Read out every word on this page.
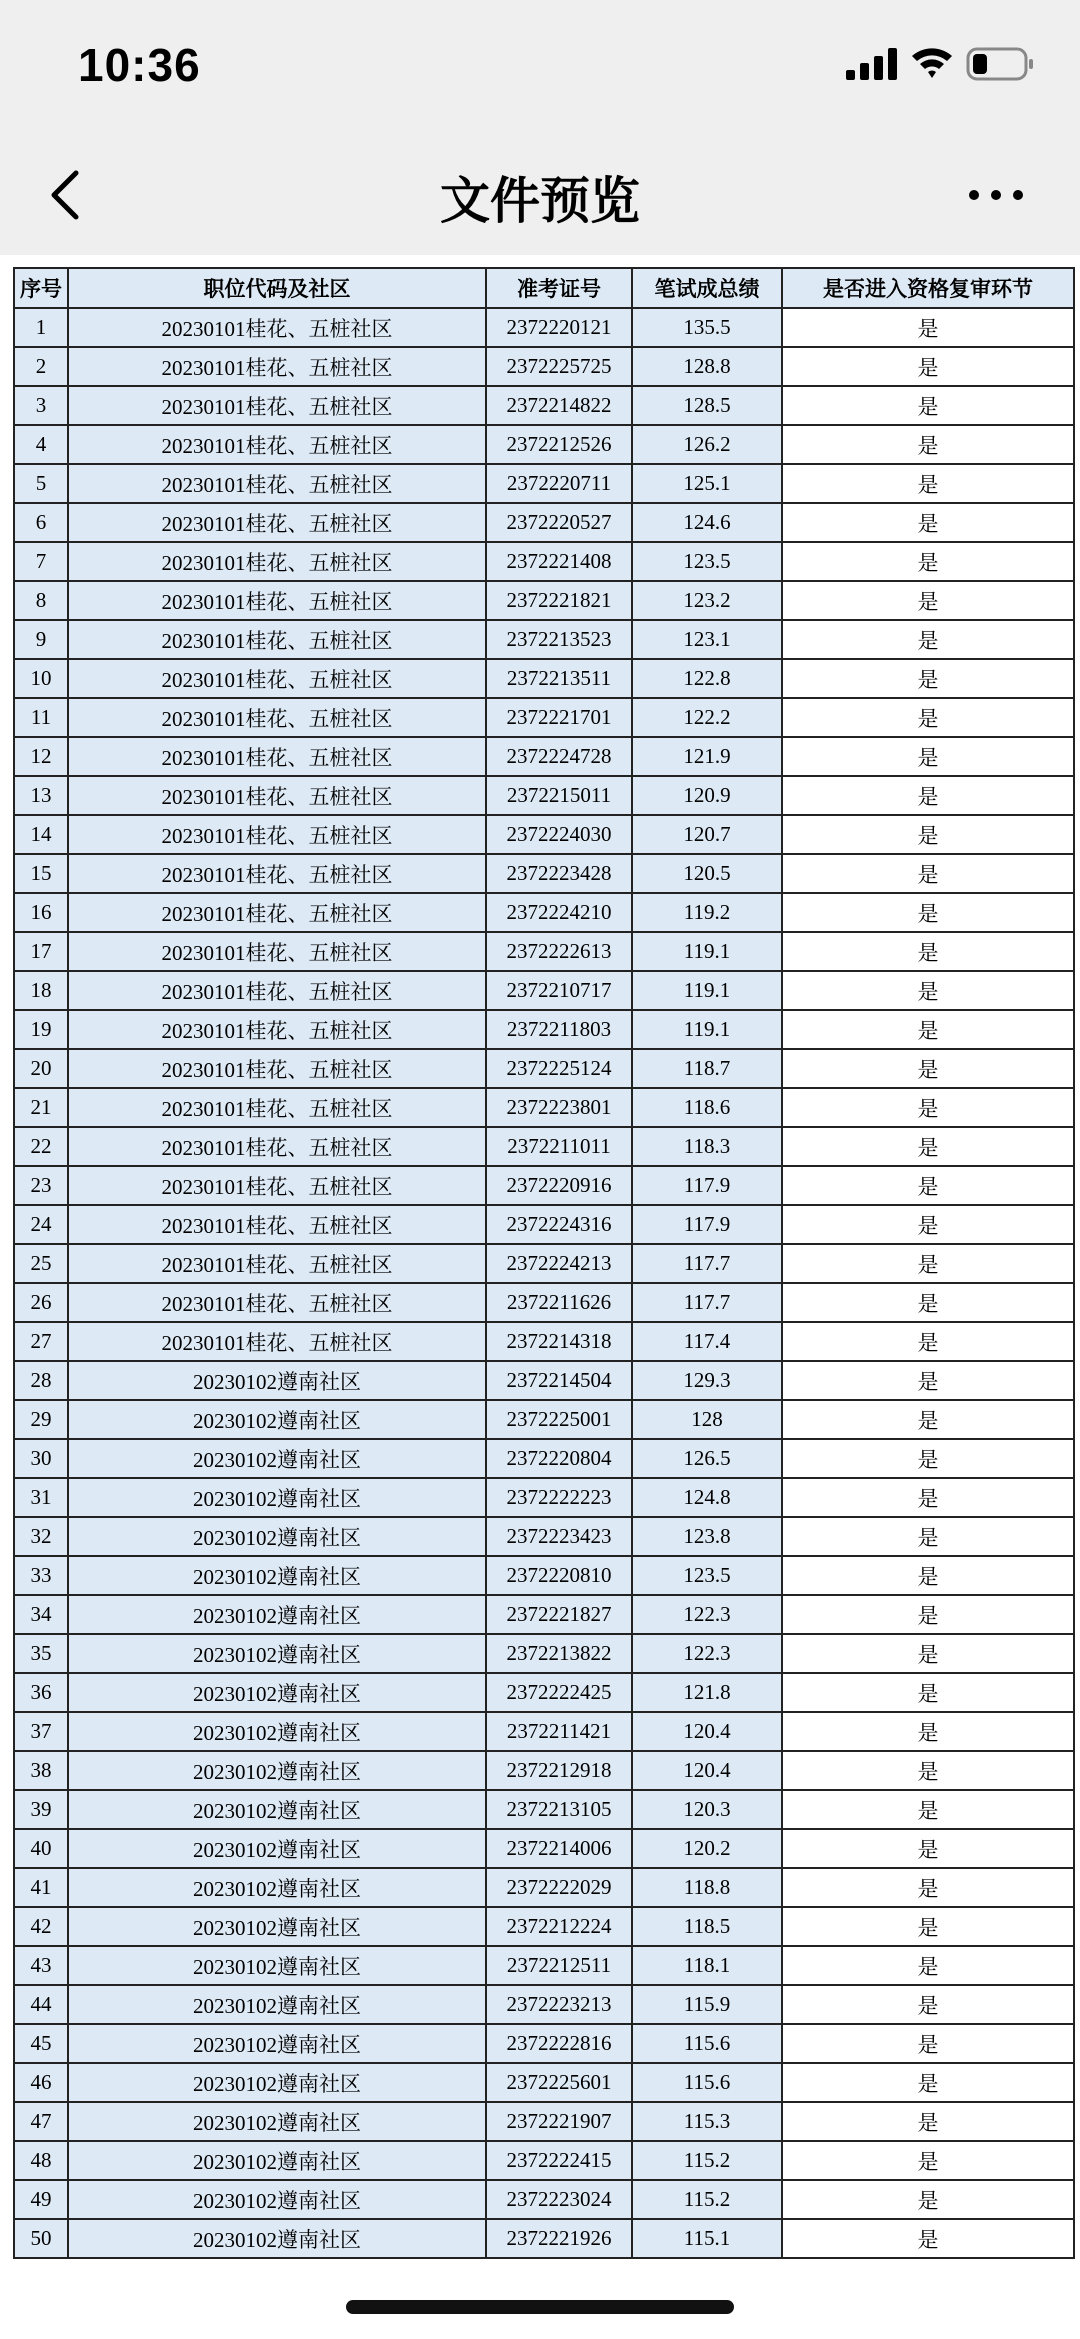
10:36
文件预览
序号	职位代码及社区	准考证号	笔试成总绩	是否进入资格复审环节
1	20230101桂花、五桩社区	2372220121	135.5	是
2	20230101桂花、五桩社区	2372225725	128.8	是
3	20230101桂花、五桩社区	2372214822	128.5	是
4	20230101桂花、五桩社区	2372212526	126.2	是
5	20230101桂花、五桩社区	2372220711	125.1	是
6	20230101桂花、五桩社区	2372220527	124.6	是
7	20230101桂花、五桩社区	2372221408	123.5	是
8	20230101桂花、五桩社区	2372221821	123.2	是
9	20230101桂花、五桩社区	2372213523	123.1	是
10	20230101桂花、五桩社区	2372213511	122.8	是
11	20230101桂花、五桩社区	2372221701	122.2	是
12	20230101桂花、五桩社区	2372224728	121.9	是
13	20230101桂花、五桩社区	2372215011	120.9	是
14	20230101桂花、五桩社区	2372224030	120.7	是
15	20230101桂花、五桩社区	2372223428	120.5	是
16	20230101桂花、五桩社区	2372224210	119.2	是
17	20230101桂花、五桩社区	2372222613	119.1	是
18	20230101桂花、五桩社区	2372210717	119.1	是
19	20230101桂花、五桩社区	2372211803	119.1	是
20	20230101桂花、五桩社区	2372225124	118.7	是
21	20230101桂花、五桩社区	2372223801	118.6	是
22	20230101桂花、五桩社区	2372211011	118.3	是
23	20230101桂花、五桩社区	2372220916	117.9	是
24	20230101桂花、五桩社区	2372224316	117.9	是
25	20230101桂花、五桩社区	2372224213	117.7	是
26	20230101桂花、五桩社区	2372211626	117.7	是
27	20230101桂花、五桩社区	2372214318	117.4	是
28	20230102遵南社区	2372214504	129.3	是
29	20230102遵南社区	2372225001	128	是
30	20230102遵南社区	2372220804	126.5	是
31	20230102遵南社区	2372222223	124.8	是
32	20230102遵南社区	2372223423	123.8	是
33	20230102遵南社区	2372220810	123.5	是
34	20230102遵南社区	2372221827	122.3	是
35	20230102遵南社区	2372213822	122.3	是
36	20230102遵南社区	2372222425	121.8	是
37	20230102遵南社区	2372211421	120.4	是
38	20230102遵南社区	2372212918	120.4	是
39	20230102遵南社区	2372213105	120.3	是
40	20230102遵南社区	2372214006	120.2	是
41	20230102遵南社区	2372222029	118.8	是
42	20230102遵南社区	2372212224	118.5	是
43	20230102遵南社区	2372212511	118.1	是
44	20230102遵南社区	2372223213	115.9	是
45	20230102遵南社区	2372222816	115.6	是
46	20230102遵南社区	2372225601	115.6	是
47	20230102遵南社区	2372221907	115.3	是
48	20230102遵南社区	2372222415	115.2	是
49	20230102遵南社区	2372223024	115.2	是
50	20230102遵南社区	2372221926	115.1	是
